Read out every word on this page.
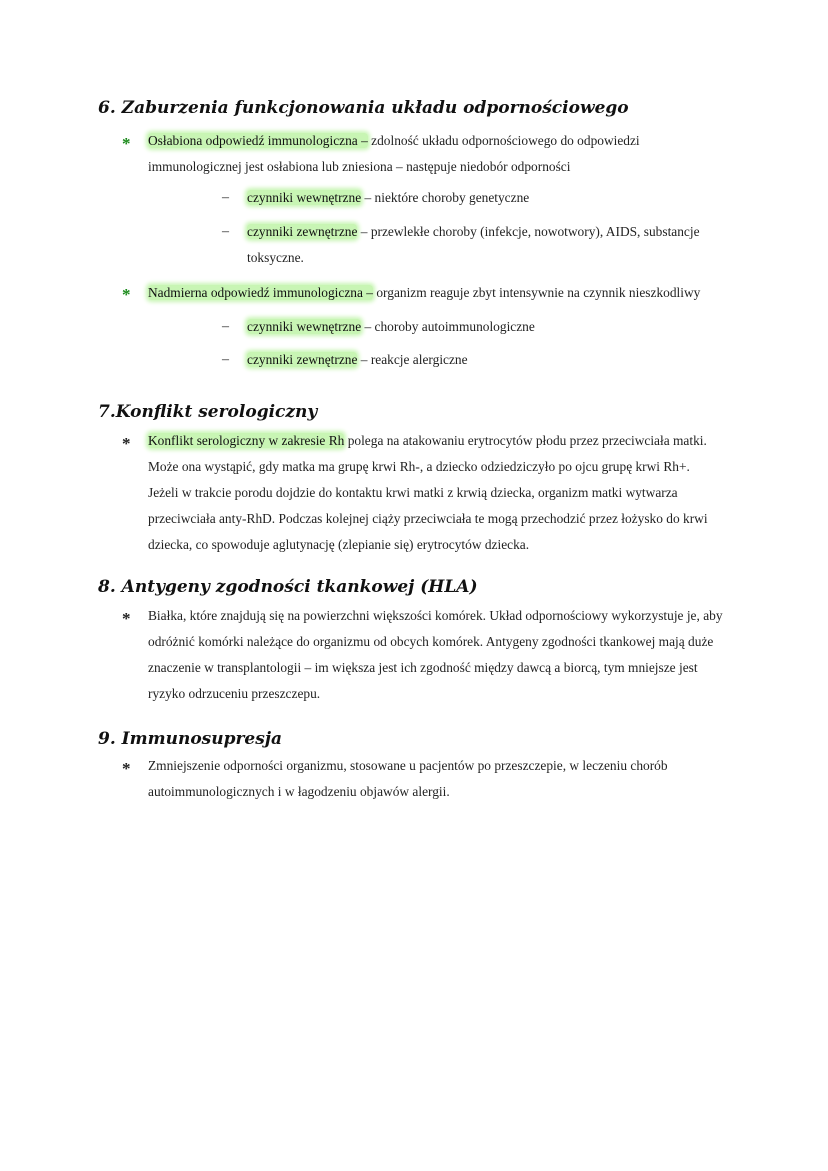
6. Zaburzenia funkcjonowania układu odpornościowego
* Osłabiona odpowiedź immunologiczna – zdolność układu odpornościowego do odpowiedzi
immunologicznej jest osłabiona lub zniesiona – następuje niedobór odporności
– czynniki wewnętrzne – niektóre choroby genetyczne
– czynniki zewnętrzne – przewlekłe choroby (infekcje, nowotwory), AIDS, substancje
toksyczne.
* Nadmierna odpowiedź immunologiczna – organizm reaguje zbyt intensywnie na czynnik nieszkodliwy
– czynniki wewnętrzne – choroby autoimmunologiczne
– czynniki zewnętrzne – reakcje alergiczne
7.Konflikt serologiczny
* Konflikt serologiczny w zakresie Rh polega na atakowaniu erytrocytów płodu przez przeciwciała matki.
Może ona wystąpić, gdy matka ma grupę krwi Rh-, a dziecko odziedziczyło po ojcu grupę krwi Rh+.
Jeżeli w trakcie porodu dojdzie do kontaktu krwi matki z krwią dziecka, organizm matki wytwarza
przeciwciała anty-RhD. Podczas kolejnej ciąży przeciwciała te mogą przechodzić przez łożysko do krwi
dziecka, co spowoduje aglutynację (zlepianie się) erytrocytów dziecka.
8. Antygeny zgodności tkankowej (HLA)
* Białka, które znajdują się na powierzchni większości komórek. Układ odpornościowy wykorzystuje je, aby
odróżnić komórki należące do organizmu od obcych komórek. Antygeny zgodności tkankowej mają duże
znaczenie w transplantologii – im większa jest ich zgodność między dawcą a biorcą, tym mniejsze jest
ryzyko odrzuceniu przeszczepu.
9. Immunosupresja
* Zmniejszenie odporności organizmu, stosowane u pacjentów po przeszczepie, w leczeniu chorób
autoimmunologicznych i w łagodzeniu objawów alergii.
